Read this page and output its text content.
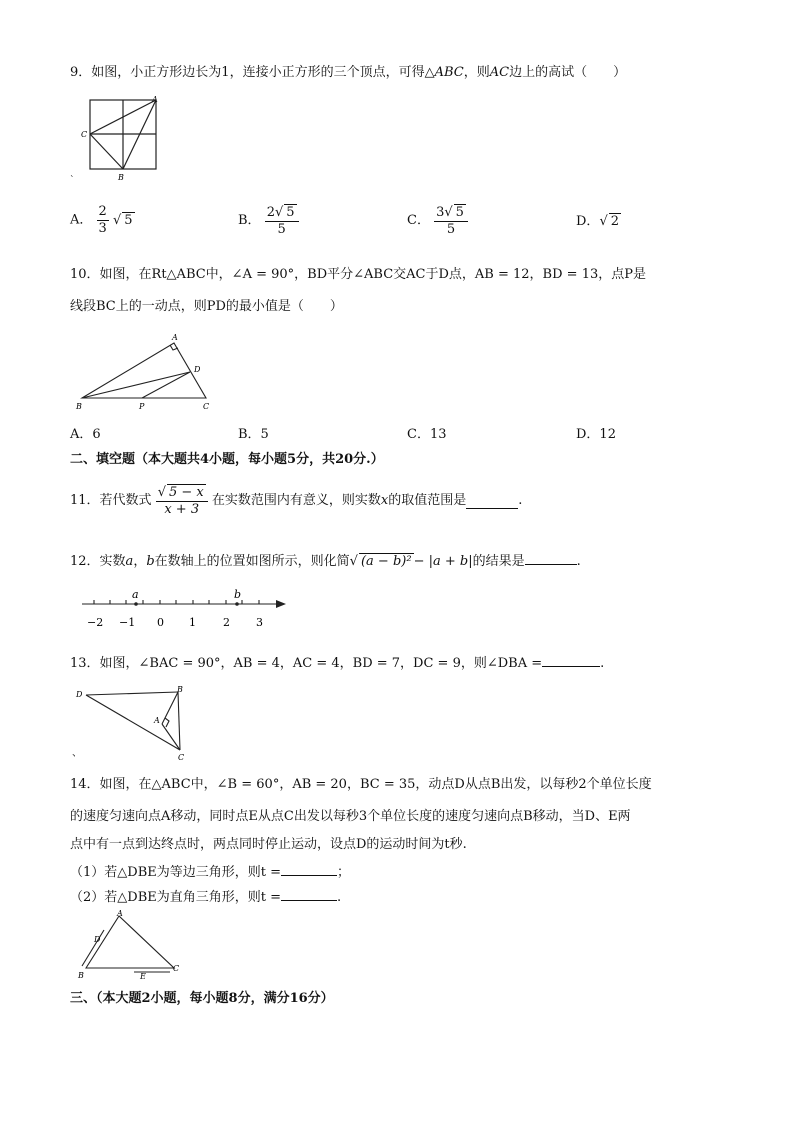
9．如图，小正方形边长为1，连接小正方形的三个顶点，可得△ABC，则AC边上的高试（　　）
A
C
B
`
A． $\frac{2}{3}$ √ 5	B． $\frac{2√ 5}{5}$	C． $\frac{3√ 5}{5}$	D．√ 2
10．如图，在Rt△ABC中，∠A = 90°，BD平分∠ABC交AC于D点，AB = 12，BD = 13，点P是
线段BC上的一动点，则PD的最小值是（　　）
A
D
B	P	C
A．6	B．5	C．13	D．12
二、填空题（本大题共4小题，每小题5分，共20分.）
11．若代数式 $\frac{√ 5 - x}{x + 3}$ 在实数范围内有意义，则实数x的取值范围是	.
12．实数a，b在数轴上的位置如图所示，则化简√ (a − b)² − |a + b|的结果是	.
a	b
−2 −1 0 1 2 3
13．如图，∠BAC = 90°，AB = 4，AC = 4，BD = 7，DC = 9，则∠DBA =	.
D
B
A
C
、
14．如图，在△ABC中，∠B = 60°，AB = 20，BC = 35，动点D从点B出发，以每秒2个单位长度
的速度匀速向点A移动，同时点E从点C出发以每秒3个单位长度的速度匀速向点B移动，当D、E两
点中有一点到达终点时，两点同时停止运动，设点D的运动时间为t秒.
（1）若△DBE为等边三角形，则t =	；
（2）若△DBE为直角三角形，则t =	.
A
D
B	E
C
三、（本大题2小题，每小题8分，满分16分）
